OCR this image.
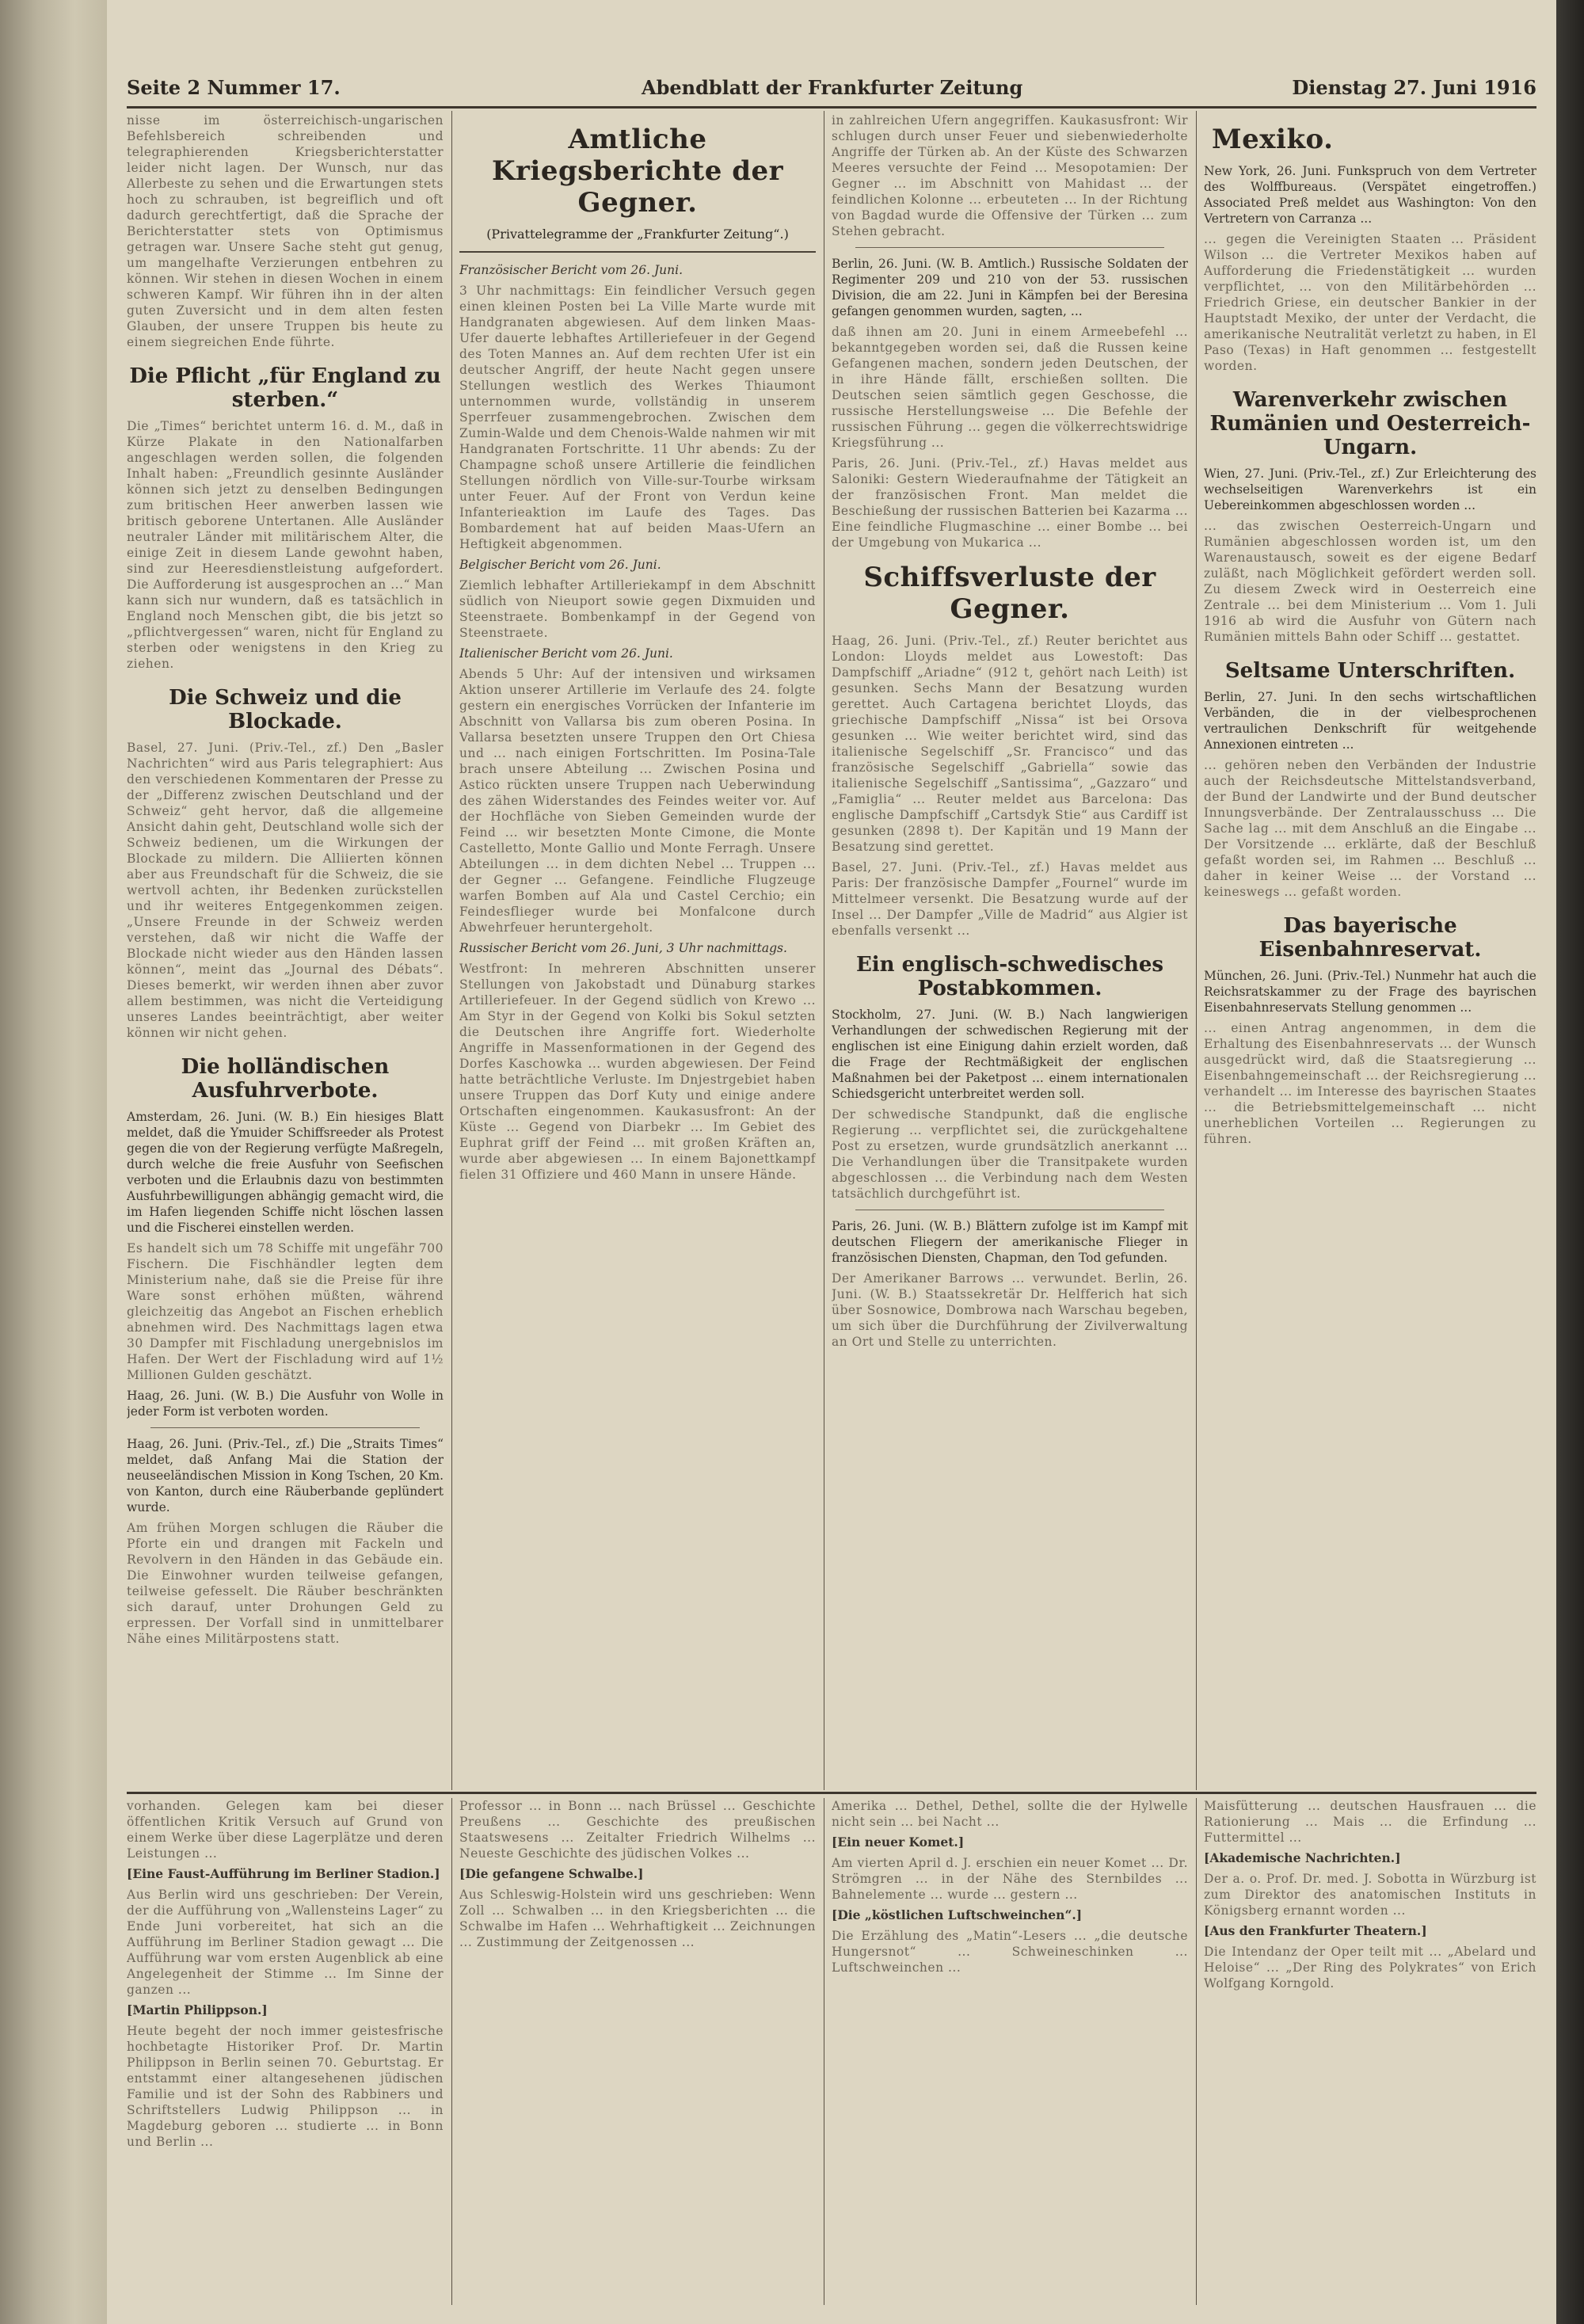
Seite 2 Nummer 17.	Abendblatt der Frankfurter Zeitung	Dienstag 27. Juni 1916
nisse im österreichisch-ungarischen Befehlsbereich schreibenden und telegraphierenden Kriegsberichterstatter leider nicht lagen. Der Wunsch, nur das Allerbeste zu sehen und die Erwartungen stets hoch zu schrauben, ist begreiflich und oft dadurch gerechtfertigt, daß die Sprache der Berichterstatter stets von Optimismus getragen war. Unsere Sache steht gut genug, um mangelhafte Verzierungen entbehren zu können. Wir stehen in diesen Wochen in einem schweren Kampf. Wir führen ihn in der alten guten Zuversicht und in dem alten festen Glauben, der unsere Truppen bis heute zu einem siegreichen Ende führte.
Die Pflicht „für England zu sterben.“
Die „Times“ berichtet unterm 16. d. M., daß in Kürze Plakate in den Nationalfarben angeschlagen werden sollen, die folgenden Inhalt haben: „Freundlich gesinnte Ausländer können sich jetzt zu denselben Bedingungen zum britischen Heer anwerben lassen wie britisch geborene Untertanen. Alle Ausländer neutraler Länder mit militärischem Alter, die einige Zeit in diesem Lande gewohnt haben, sind zur Heeresdienstleistung aufgefordert. Die Aufforderung ist ausgesprochen an ...“ Man kann sich nur wundern, daß es tatsächlich in England noch Menschen gibt, die bis jetzt so „pflichtvergessen“ waren, nicht für England zu sterben oder wenigstens in den Krieg zu ziehen.
Die Schweiz und die Blockade.
Basel, 27. Juni. (Priv.-Tel., zf.) Den „Basler Nachrichten“ wird aus Paris telegraphiert: Aus den verschiedenen Kommentaren der Presse zu der „Differenz zwischen Deutschland und der Schweiz“ geht hervor, daß die allgemeine Ansicht dahin geht, Deutschland wolle sich der Schweiz bedienen, um die Wirkungen der Blockade zu mildern. Die Alliierten können aber aus Freundschaft für die Schweiz, die sie wertvoll achten, ihr Bedenken zurückstellen und ihr weiteres Entgegenkommen zeigen. „Unsere Freunde in der Schweiz werden verstehen, daß wir nicht die Waffe der Blockade nicht wieder aus den Händen lassen können“, meint das „Journal des Débats“. Dieses bemerkt, wir werden ihnen aber zuvor allem bestimmen, was nicht die Verteidigung unseres Landes beeinträchtigt, aber weiter können wir nicht gehen.
Die holländischen Ausfuhrverbote.
Amsterdam, 26. Juni. (W. B.) Ein hiesiges Blatt meldet, daß die Ymuider Schiffsreeder als Protest gegen die von der Regierung verfügte Maßregeln, durch welche die freie Ausfuhr von Seefischen verboten und die Erlaubnis dazu von bestimmten Ausfuhrbewilligungen abhängig gemacht wird, die im Hafen liegenden Schiffe nicht löschen lassen und die Fischerei einstellen werden.
Es handelt sich um 78 Schiffe mit ungefähr 700 Fischern. Die Fischhändler legten dem Ministerium nahe, daß sie die Preise für ihre Ware sonst erhöhen müßten, während gleichzeitig das Angebot an Fischen erheblich abnehmen wird. Des Nachmittags lagen etwa 30 Dampfer mit Fischladung unergebnislos im Hafen. Der Wert der Fischladung wird auf 1½ Millionen Gulden geschätzt.
Haag, 26. Juni. (W. B.) Die Ausfuhr von Wolle in jeder Form ist verboten worden.
Haag, 26. Juni. (Priv.-Tel., zf.) Die „Straits Times“ meldet, daß Anfang Mai die Station der neuseeländischen Mission in Kong Tschen, 20 Km. von Kanton, durch eine Räuberbande geplündert wurde.
Am frühen Morgen schlugen die Räuber die Pforte ein und drangen mit Fackeln und Revolvern in den Händen in das Gebäude ein. Die Einwohner wurden teilweise gefangen, teilweise gefesselt. Die Räuber beschränkten sich darauf, unter Drohungen Geld zu erpressen. Der Vorfall sind in unmittelbarer Nähe eines Militärpostens statt.
Amtliche Kriegsberichte der Gegner.
(Privattelegramme der „Frankfurter Zeitung“.)
Französischer Bericht vom 26. Juni.
3 Uhr nachmittags: Ein feindlicher Versuch gegen einen kleinen Posten bei La Ville Marte wurde mit Handgranaten abgewiesen. Auf dem linken Maas-Ufer dauerte lebhaftes Artilleriefeuer in der Gegend des Toten Mannes an. Auf dem rechten Ufer ist ein deutscher Angriff, der heute Nacht gegen unsere Stellungen westlich des Werkes Thiaumont unternommen wurde, vollständig in unserem Sperrfeuer zusammengebrochen. Zwischen dem Zumin-Walde und dem Chenois-Walde nahmen wir mit Handgranaten Fortschritte. 11 Uhr abends: Zu der Champagne schoß unsere Artillerie die feindlichen Stellungen nördlich von Ville-sur-Tourbe wirksam unter Feuer. Auf der Front von Verdun keine Infanterieaktion im Laufe des Tages. Das Bombardement hat auf beiden Maas-Ufern an Heftigkeit abgenommen.
Belgischer Bericht vom 26. Juni.
Ziemlich lebhafter Artilleriekampf in dem Abschnitt südlich von Nieuport sowie gegen Dixmuiden und Steenstraete. Bombenkampf in der Gegend von Steenstraete.
Italienischer Bericht vom 26. Juni.
Abends 5 Uhr: Auf der intensiven und wirksamen Aktion unserer Artillerie im Verlaufe des 24. folgte gestern ein energisches Vorrücken der Infanterie im Abschnitt von Vallarsa bis zum oberen Posina. In Vallarsa besetzten unsere Truppen den Ort Chiesa und ... nach einigen Fortschritten. Im Posina-Tale brach unsere Abteilung ... Zwischen Posina und Astico rückten unsere Truppen nach Ueberwindung des zähen Widerstandes des Feindes weiter vor. Auf der Hochfläche von Sieben Gemeinden wurde der Feind ... wir besetzten Monte Cimone, die Monte Castelletto, Monte Gallio und Monte Ferragh. Unsere Abteilungen ... in dem dichten Nebel ... Truppen ... der Gegner ... Gefangene. Feindliche Flugzeuge warfen Bomben auf Ala und Castel Cerchio; ein Feindesflieger wurde bei Monfalcone durch Abwehrfeuer heruntergeholt.
Russischer Bericht vom 26. Juni, 3 Uhr nachmittags.
Westfront: In mehreren Abschnitten unserer Stellungen von Jakobstadt und Dünaburg starkes Artilleriefeuer. In der Gegend südlich von Krewo ... Am Styr in der Gegend von Kolki bis Sokul setzten die Deutschen ihre Angriffe fort. Wiederholte Angriffe in Massenformationen in der Gegend des Dorfes Kaschowka ... wurden abgewiesen. Der Feind hatte beträchtliche Verluste. Im Dnjestrgebiet haben unsere Truppen das Dorf Kuty und einige andere Ortschaften eingenommen. Kaukasusfront: An der Küste ... Gegend von Diarbekr ... Im Gebiet des Euphrat griff der Feind ... mit großen Kräften an, wurde aber abgewiesen ... In einem Bajonettkampf fielen 31 Offiziere und 460 Mann in unsere Hände.
in zahlreichen Ufern angegriffen. Kaukasusfront: Wir schlugen durch unser Feuer und siebenwiederholte Angriffe der Türken ab. An der Küste des Schwarzen Meeres versuchte der Feind ... Mesopotamien: Der Gegner ... im Abschnitt von Mahidast ... der feindlichen Kolonne ... erbeuteten ... In der Richtung von Bagdad wurde die Offensive der Türken ... zum Stehen gebracht.
Berlin, 26. Juni. (W. B. Amtlich.) Russische Soldaten der Regimenter 209 und 210 von der 53. russischen Division, die am 22. Juni in Kämpfen bei der Beresina gefangen genommen wurden, sagten, ...
daß ihnen am 20. Juni in einem Armeebefehl ... bekanntgegeben worden sei, daß die Russen keine Gefangenen machen, sondern jeden Deutschen, der in ihre Hände fällt, erschießen sollten. Die Deutschen seien sämtlich gegen Geschosse, die russische Herstellungsweise ... Die Befehle der russischen Führung ... gegen die völkerrechtswidrige Kriegsführung ...
Paris, 26. Juni. (Priv.-Tel., zf.) Havas meldet aus Saloniki: Gestern Wiederaufnahme der Tätigkeit an der französischen Front. Man meldet die Beschießung der russischen Batterien bei Kazarma ... Eine feindliche Flugmaschine ... einer Bombe ... bei der Umgebung von Mukarica ...
Schiffsverluste der Gegner.
Haag, 26. Juni. (Priv.-Tel., zf.) Reuter berichtet aus London: Lloyds meldet aus Lowestoft: Das Dampfschiff „Ariadne“ (912 t, gehört nach Leith) ist gesunken. Sechs Mann der Besatzung wurden gerettet. Auch Cartagena berichtet Lloyds, das griechische Dampfschiff „Nissa“ ist bei Orsova gesunken ... Wie weiter berichtet wird, sind das italienische Segelschiff „Sr. Francisco“ und das französische Segelschiff „Gabriella“ sowie das italienische Segelschiff „Santissima“, „Gazzaro“ und „Famiglia“ ... Reuter meldet aus Barcelona: Das englische Dampfschiff „Cartsdyk Stie“ aus Cardiff ist gesunken (2898 t). Der Kapitän und 19 Mann der Besatzung sind gerettet.
Basel, 27. Juni. (Priv.-Tel., zf.) Havas meldet aus Paris: Der französische Dampfer „Fournel“ wurde im Mittelmeer versenkt. Die Besatzung wurde auf der Insel ... Der Dampfer „Ville de Madrid“ aus Algier ist ebenfalls versenkt ...
Ein englisch-schwedisches Postabkommen.
Stockholm, 27. Juni. (W. B.) Nach langwierigen Verhandlungen der schwedischen Regierung mit der englischen ist eine Einigung dahin erzielt worden, daß die Frage der Rechtmäßigkeit der englischen Maßnahmen bei der Paketpost ... einem internationalen Schiedsgericht unterbreitet werden soll.
Der schwedische Standpunkt, daß die englische Regierung ... verpflichtet sei, die zurückgehaltene Post zu ersetzen, wurde grundsätzlich anerkannt ... Die Verhandlungen über die Transitpakete wurden abgeschlossen ... die Verbindung nach dem Westen tatsächlich durchgeführt ist.
Paris, 26. Juni. (W. B.) Blättern zufolge ist im Kampf mit deutschen Fliegern der amerikanische Flieger in französischen Diensten, Chapman, den Tod gefunden.
Der Amerikaner Barrows ... verwundet. Berlin, 26. Juni. (W. B.) Staatssekretär Dr. Helfferich hat sich über Sosnowice, Dombrowa nach Warschau begeben, um sich über die Durchführung der Zivilverwaltung an Ort und Stelle zu unterrichten.
Mexiko.
New York, 26. Juni. Funkspruch von dem Vertreter des Wolffbureaus. (Verspätet eingetroffen.) Associated Preß meldet aus Washington: Von den Vertretern von Carranza ...
... gegen die Vereinigten Staaten ... Präsident Wilson ... die Vertreter Mexikos haben auf Aufforderung die Friedenstätigkeit ... wurden verpflichtet, ... von den Militärbehörden ... Friedrich Griese, ein deutscher Bankier in der Hauptstadt Mexiko, der unter der Verdacht, die amerikanische Neutralität verletzt zu haben, in El Paso (Texas) in Haft genommen ... festgestellt worden.
Warenverkehr zwischen Rumänien und Oesterreich-Ungarn.
Wien, 27. Juni. (Priv.-Tel., zf.) Zur Erleichterung des wechselseitigen Warenverkehrs ist ein Uebereinkommen abgeschlossen worden ...
... das zwischen Oesterreich-Ungarn und Rumänien abgeschlossen worden ist, um den Warenaustausch, soweit es der eigene Bedarf zuläßt, nach Möglichkeit gefördert werden soll. Zu diesem Zweck wird in Oesterreich eine Zentrale ... bei dem Ministerium ... Vom 1. Juli 1916 ab wird die Ausfuhr von Gütern nach Rumänien mittels Bahn oder Schiff ... gestattet.
Seltsame Unterschriften.
Berlin, 27. Juni. In den sechs wirtschaftlichen Verbänden, die in der vielbesprochenen vertraulichen Denkschrift für weitgehende Annexionen eintreten ...
... gehören neben den Verbänden der Industrie auch der Reichsdeutsche Mittelstandsverband, der Bund der Landwirte und der Bund deutscher Innungsverbände. Der Zentralausschuss ... Die Sache lag ... mit dem Anschluß an die Eingabe ... Der Vorsitzende ... erklärte, daß der Beschluß gefaßt worden sei, im Rahmen ... Beschluß ... daher in keiner Weise ... der Vorstand ... keineswegs ... gefaßt worden.
Das bayerische Eisenbahnreservat.
München, 26. Juni. (Priv.-Tel.) Nunmehr hat auch die Reichsratskammer zu der Frage des bayrischen Eisenbahnreservats Stellung genommen ...
... einen Antrag angenommen, in dem die Erhaltung des Eisenbahnreservats ... der Wunsch ausgedrückt wird, daß die Staatsregierung ... Eisenbahngemeinschaft ... der Reichsregierung ... verhandelt ... im Interesse des bayrischen Staates ... die Betriebsmittelgemeinschaft ... nicht unerheblichen Vorteilen ... Regierungen zu führen.
vorhanden. Gelegen kam bei dieser öffentlichen Kritik Versuch auf Grund von einem Werke über diese Lagerplätze und deren Leistungen ...
[Eine Faust-Aufführung im Berliner Stadion.]
Aus Berlin wird uns geschrieben: Der Verein, der die Aufführung von „Wallensteins Lager“ zu Ende Juni vorbereitet, hat sich an die Aufführung im Berliner Stadion gewagt ... Die Aufführung war vom ersten Augenblick ab eine Angelegenheit der Stimme ... Im Sinne der ganzen ...
[Martin Philippson.]
Heute begeht der noch immer geistesfrische hochbetagte Historiker Prof. Dr. Martin Philippson in Berlin seinen 70. Geburtstag. Er entstammt einer altangesehenen jüdischen Familie und ist der Sohn des Rabbiners und Schriftstellers Ludwig Philippson ... in Magdeburg geboren ... studierte ... in Bonn und Berlin ...
Professor ... in Bonn ... nach Brüssel ... Geschichte Preußens ... Geschichte des preußischen Staatswesens ... Zeitalter Friedrich Wilhelms ... Neueste Geschichte des jüdischen Volkes ...
[Die gefangene Schwalbe.]
Aus Schleswig-Holstein wird uns geschrieben: Wenn Zoll ... Schwalben ... in den Kriegsberichten ... die Schwalbe im Hafen ... Wehrhaftigkeit ... Zeichnungen ... Zustimmung der Zeitgenossen ...
Amerika ... Dethel, Dethel, sollte die der Hylwelle nicht sein ... bei Nacht ...
[Ein neuer Komet.]
Am vierten April d. J. erschien ein neuer Komet ... Dr. Strömgren ... in der Nähe des Sternbildes ... Bahnelemente ... wurde ... gestern ...
[Die „köstlichen Luftschweinchen“.]
Die Erzählung des „Matin“-Lesers ... „die deutsche Hungersnot“ ... Schweineschinken ... Luftschweinchen ...
Maisfütterung ... deutschen Hausfrauen ... die Rationierung ... Mais ... die Erfindung ... Futtermittel ...
[Akademische Nachrichten.]
Der a. o. Prof. Dr. med. J. Sobotta in Würzburg ist zum Direktor des anatomischen Instituts in Königsberg ernannt worden ...
[Aus den Frankfurter Theatern.]
Die Intendanz der Oper teilt mit ... „Abelard und Heloise“ ... „Der Ring des Polykrates“ von Erich Wolfgang Korngold.
